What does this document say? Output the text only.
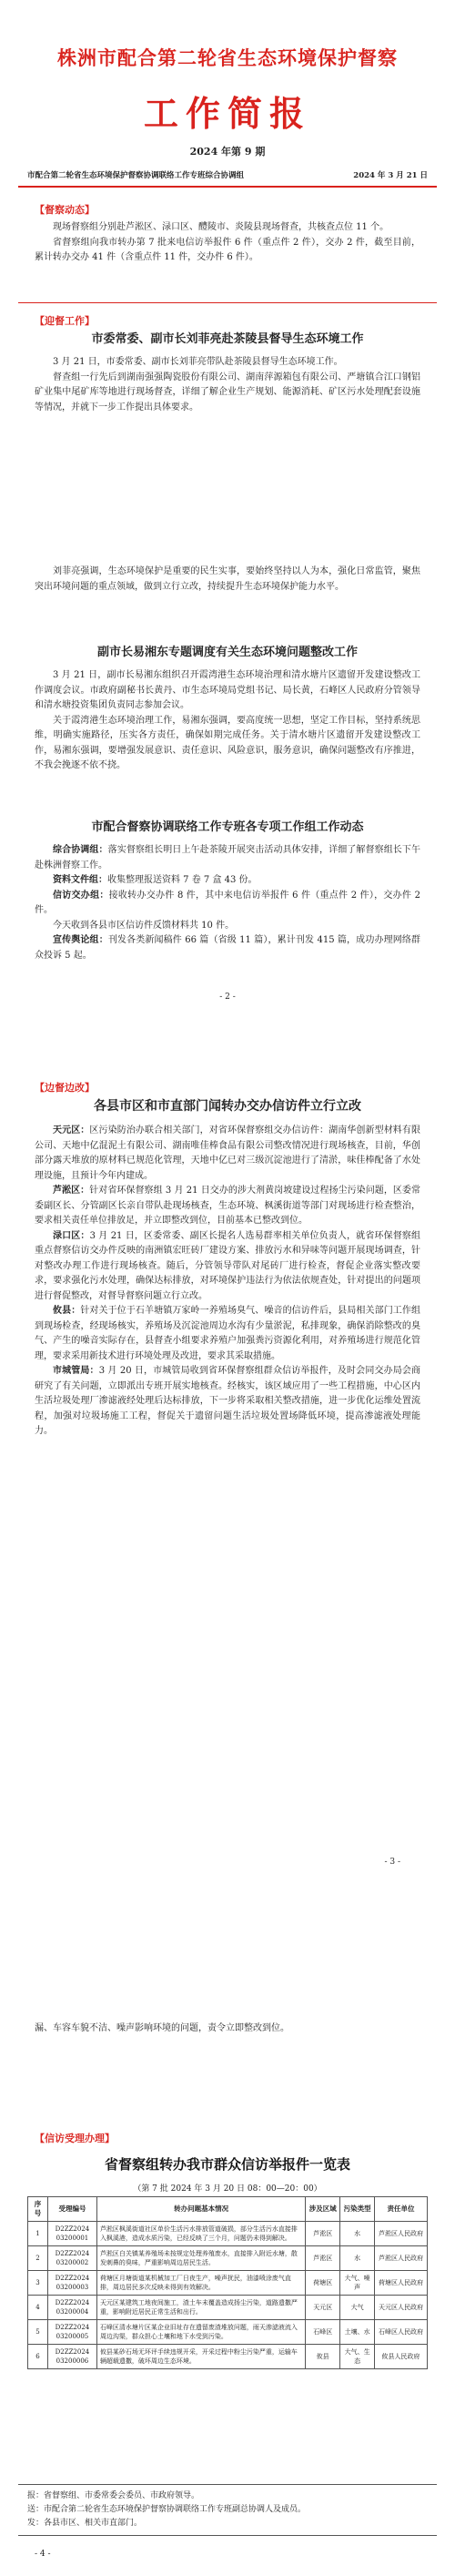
株洲市配合第二轮省生态环境保护督察
工作简报
2024 年第 9 期
市配合第二轮省生态环境保护督察协调联络工作专班综合协调组	2024 年 3 月 21 日
【督察动态】

现场督察组分别赴芦淞区、渌口区、醴陵市、炎陵县现场督查，共核查点位 11 个。

省督察组向我市转办第 7 批来电信访举报件 6 件（重点件 2 件），交办 2 件，截至目前，累计转办交办 41 件（含重点件 11 件，交办件 6 件）。

【迎督工作】
市委常委、副市长刘菲亮赴茶陵县督导生态环境工作

3 月 21 日，市委常委、副市长刘菲亮带队赴茶陵县督导生态环境工作。

督查组一行先后到湖南强强陶瓷股份有限公司、湖南萍源箱包有限公司、严塘镇合江口钢铝矿业集中尾矿库等地进行现场督查，详细了解企业生产规划、能源消耗、矿区污水处理配套设施等情况，并就下一步工作提出具体要求。

刘菲亮强调，生态环境保护是重要的民生实事，要始终坚持以人为本，强化日常监管，聚焦突出环境问题的重点领域，做到立行立改，持续提升生态环境保护能力水平。

副市长易湘东专题调度有关生态环境问题整改工作

3 月 21 日，副市长易湘东组织召开霞湾港生态环境治理和清水塘片区遗留开发建设整改工作调度会议。市政府副秘书长黄丹、市生态环境局党组书记、局长黄，石峰区人民政府分管领导和清水塘投资集团负责同志参加会议。

关于霞湾港生态环境治理工作，易湘东强调，要高度统一思想，坚定工作目标，坚持系统思维，明确实施路径，压实各方责任，确保如期完成任务。关于清水塘片区遗留开发建设整改工作，易湘东强调，要增强发展意识、责任意识、风险意识，服务意识，确保问题整改有序推进，不我会挽逐不依不挠。

市配合督察协调联络工作专班各专项工作组工作动态

综合协调组：落实督察组长明日上午赴茶陵开展突击活动具体安排，详细了解督察组长下午赴株洲督察工作。

资料文件组：收集整理报送资料 7 卷 7 盒 43 份。

信访交办组：接收转办交办件 8 件，其中来电信访举报件 6 件（重点件 2 件），交办件 2 件。

今天收到各县市区信访件反馈材料共 10 件。

宣传舆论组：刊发各类新闻稿件 66 篇（省级 11 篇），累计刊发 415 篇，成功办理网络群众投诉 5 起。

- 2 -
【边督边改】
各县市区和市直部门闻转办交办信访件立行立改

天元区：区污染防治办联合相关部门，对省环保督察组交办信访件：湖南华创新型材料有限公司、天地中亿混泥土有限公司、湖南唯佳棒食品有限公司整改情况进行现场核查，目前，华创部分露天堆放的原材料已规范化管理，天地中亿已对三级沉淀池进行了清淤，味佳棒配备了水处理设施，且预计今年内建成。

芦淞区：针对省环保督察组 3 月 21 日交办的涉大剂黄岗坡建设过程扬尘污染问题，区委常委副区长、分管副区长亲自带队赴现场核查，生态环境、枫溪街道等部门对现场进行检查整治，要求相关责任单位排放足，并立即整改到位，目前基本已整改到位。

渌口区：3 月 21 日，区委常委、副区长提名人选易群率相关单位负责人，就省环保督察组重点督察信访交办件反映的南洲镇宏旺砖厂建设方案、排放污水和异味等问题开展现场调查，针对整改办理工作进行现场核查。随后，分管领导带队对尾砖厂进行检查，督促企业落实整改要求，要求强化污水处理，确保达标排放，对环境保护违法行为依法依规查处，针对提出的问题项进行督促整改，对督导督察问题立行立改。

攸县：针对关于位于石羊塘镇万家岭一养殖场臭气、噪音的信访件后，县局相关部门工作组到现场检查，经现场核实，养殖场及沉淀池周边水沟有少量淤泥，私排现象，确保消除整改的臭气、产生的噪音实际存在，县督查小组要求养殖户加强粪污资源化利用，对养殖场进行规范化管理，要求采用新技术进行环境处理及改进，要求其采取措施。

市城管局：3 月 20 日，市城管局收到省环保督察组群众信访举报件，及时会同交办局会商研究了有关问题，立即派出专班开展实地核查。经核实，该区域应用了一些工程措施，中心区内生活垃圾处理厂渗滤液经处理后达标排放，下一步将采取相关整改措施，进一步优化运维处置流程，加强对垃圾场施工工程，督促关于遗留问题生活垃圾处置场降低环境，提高渗滤液处理能力。

- 3 -

漏、车容车貌不洁、噪声影响环境的问题，责令立即整改到位。

【信访受理办理】
省督察组转办我市群众信访举报件一览表
（第 7 批 2024 年 3 月 20 日 08：00—20：00）
序号	受理编号	转办问题基本情况	涉及区域	污染类型	责任单位
1	D2ZZ2024 03200001	芦淞区枫溪街道社区单价生活污水排放管道破损，部分生活污水直接排入枫溪港，造成水质污染，已经反映了三个月，问题仍未得到解决。	芦淞区	水	芦淞区人民政府
2	D2ZZ2024 03200002	芦淞区白关镇某养殖场未按规定处理养殖废水，直接排入附近水塘，散发刺鼻的臭味，严重影响周边居民生活。	芦淞区	水	芦淞区人民政府
3	D2ZZ2024 03200003	荷塘区月塘街道某机械加工厂日夜生产，噪声扰民，油漆喷涂废气直排，周边居民多次反映未得到有效解决。	荷塘区	大气、噪声	荷塘区人民政府
4	D2ZZ2024 03200004	天元区某建筑工地夜间施工，渣土车未覆盖造成扬尘污染，道路遗撒严重，影响附近居民正常生活和出行。	天元区	大气	天元区人民政府
5	D2ZZ2024 03200005	石峰区清水塘片区某企业旧址存在遗留废渣堆放问题，雨天渗滤液流入周边沟渠，群众担心土壤和地下水受到污染。	石峰区	土壤、水	石峰区人民政府
6	D2ZZ2024 03200006	攸县某砂石场无环评手续违规开采，开采过程中粉尘污染严重，运输车辆超载遗撒，破坏周边生态环境。	攸县	大气、生态	攸县人民政府
报：省督察组、市委常委会委员、市政府领导。
送：市配合第二轮省生态环境保护督察协调联络工作专班副总协调人及成员。
发：各县市区、相关市直部门。
- 4 -
